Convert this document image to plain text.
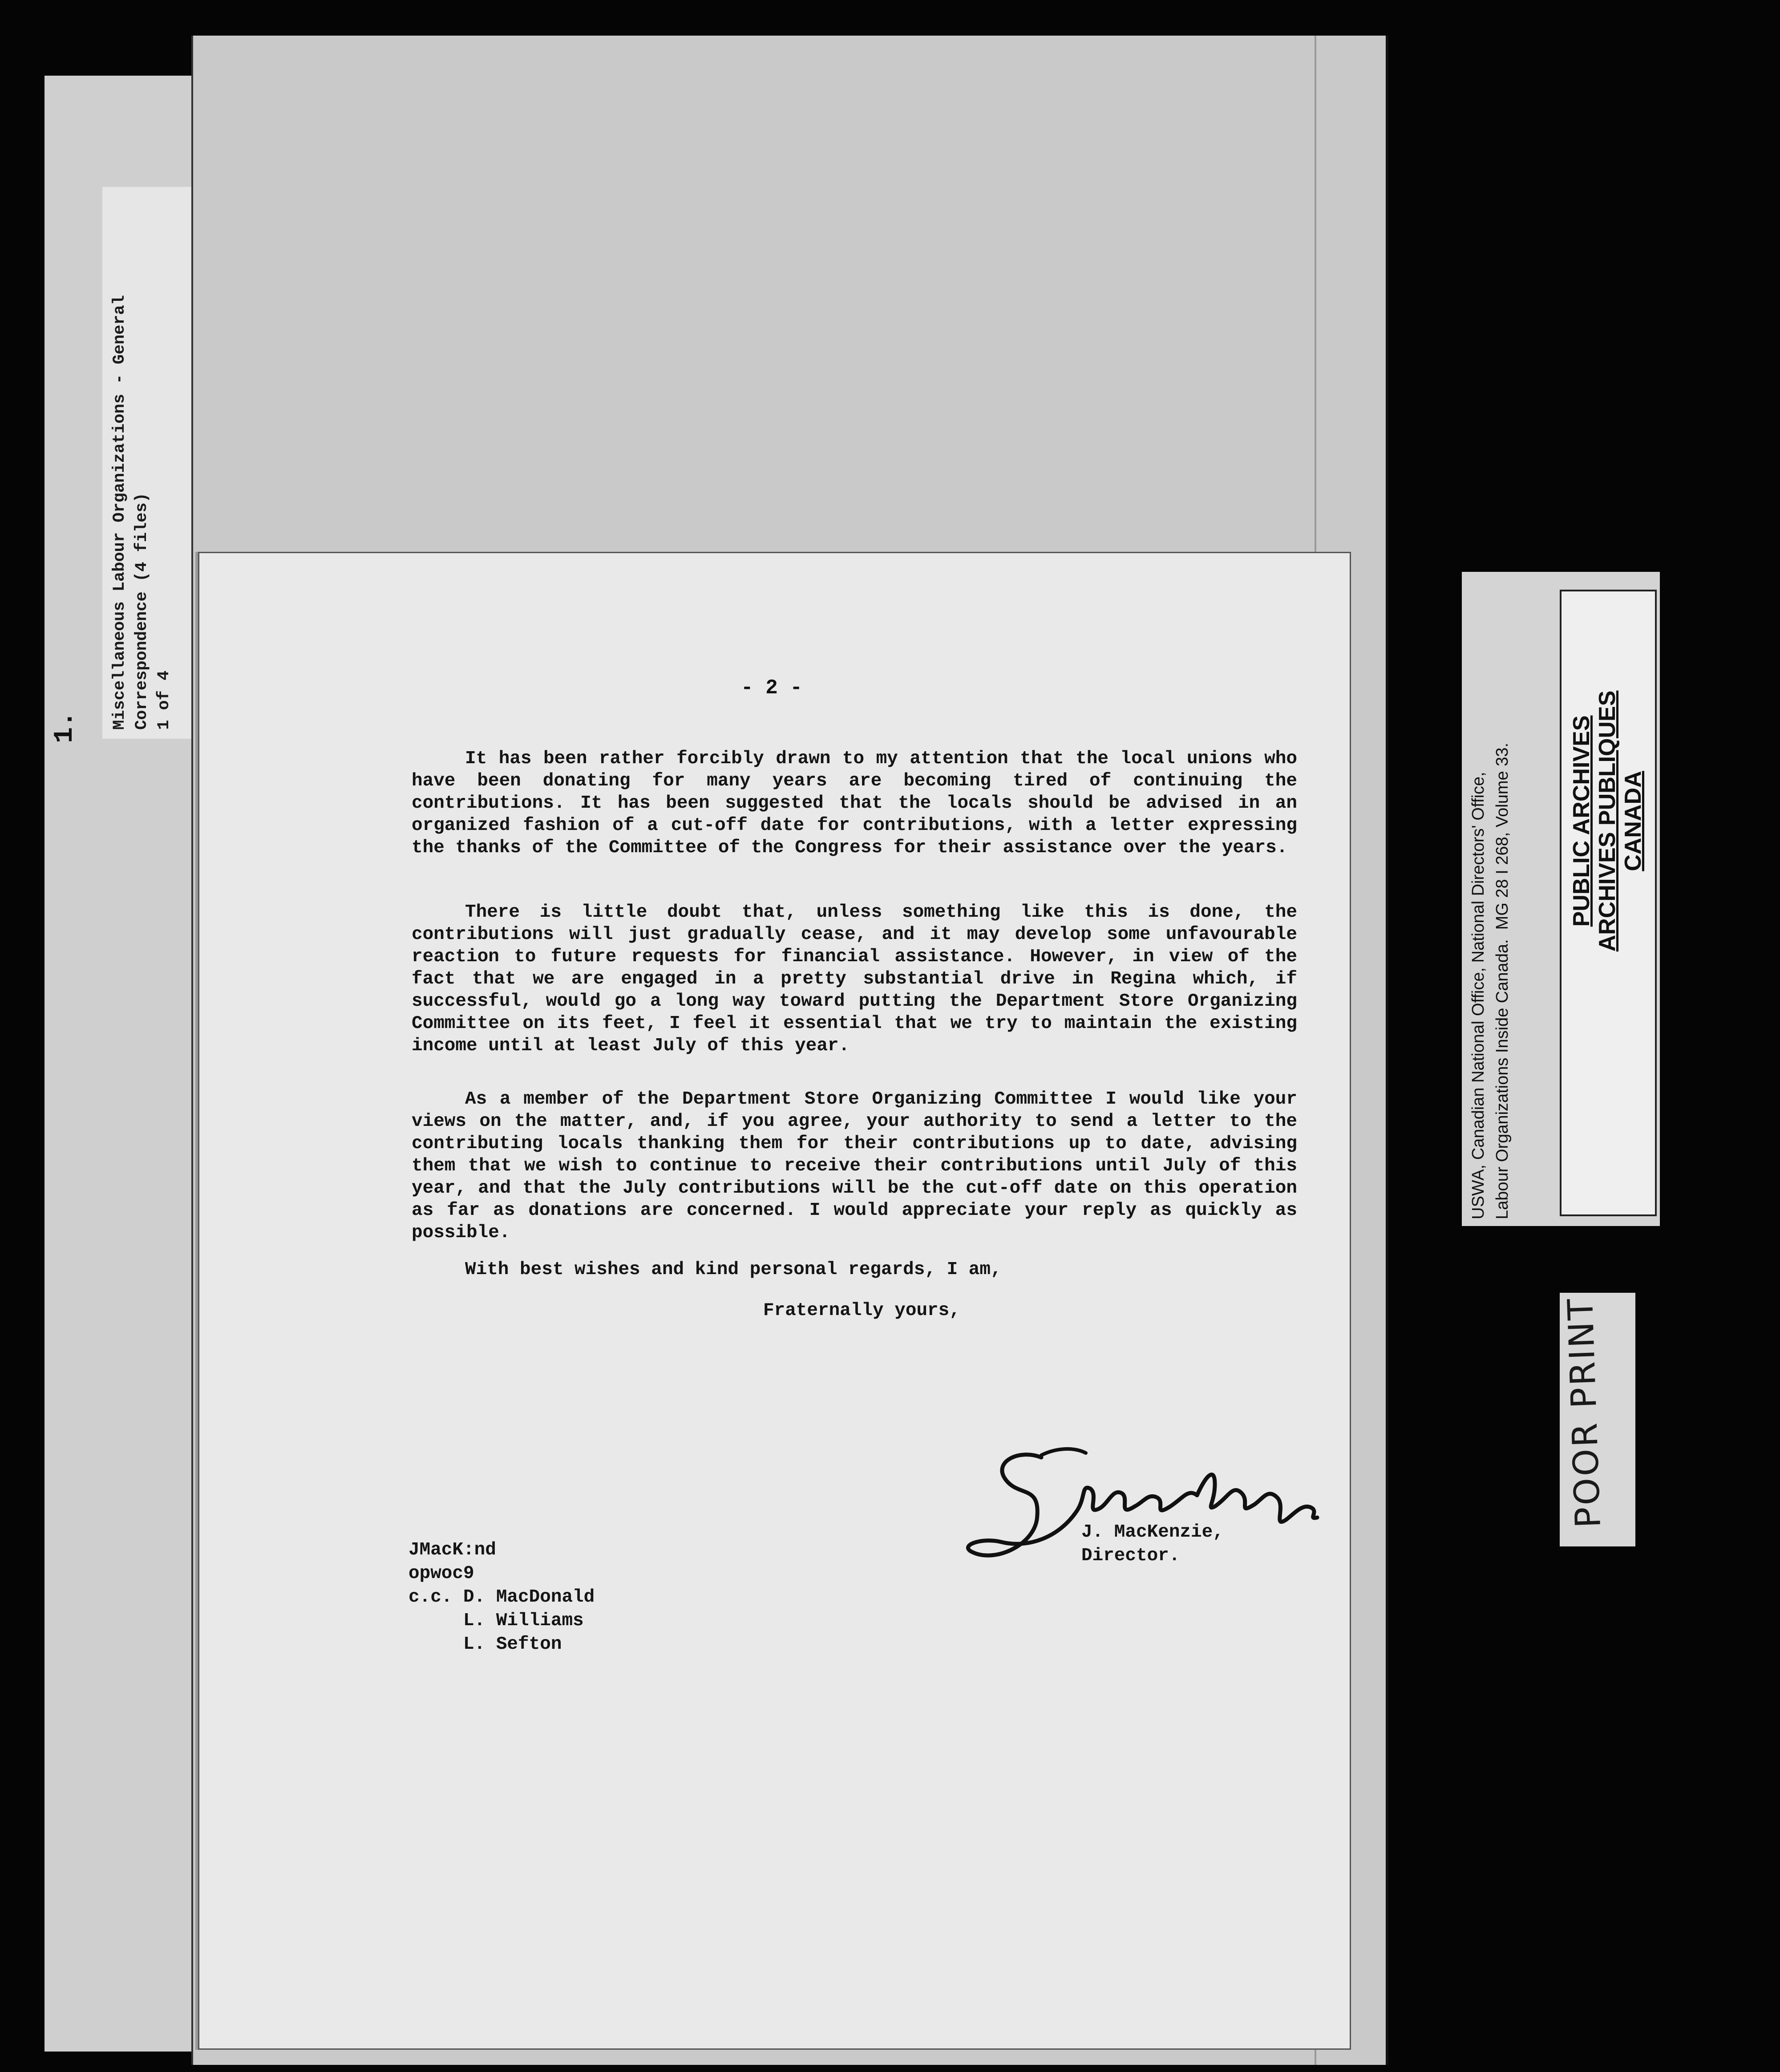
Miscellaneous Labour Organizations - General Correspondence (4 files) 1 of 4
1.
- 2 -

It has been rather forcibly drawn to my attention that the local unions who have been donating for many years are becoming tired of continuing the contributions. It has been suggested that the locals should be advised in an organized fashion of a cut-off date for contributions, with a letter expressing the thanks of the Committee of the Congress for their assistance over the years.

There is little doubt that, unless something like this is done, the contributions will just gradually cease, and it may develop some unfavourable reaction to future requests for financial assistance. However, in view of the fact that we are engaged in a pretty substantial drive in Regina which, if successful, would go a long way toward putting the Department Store Organizing Committee on its feet, I feel it essential that we try to maintain the existing income until at least July of this year.

As a member of the Department Store Organizing Committee I would like your views on the matter, and, if you agree, your authority to send a letter to the contributing locals thanking them for their contributions up to date, advising them that we wish to continue to receive their contributions until July of this year, and that the July contributions will be the cut-off date on this operation as far as donations are concerned. I would appreciate your reply as quickly as possible.

With best wishes and kind personal regards, I am,
Fraternally yours,
J. MacKenzie,
Director.
JMacK:nd
opwoc9
c.c. D. MacDonald
L. Williams
L. Sefton
USWA, Canadian National Office, National Directors' Office, Labour Organizations Inside Canada.  MG 28 I 268, Volume 33.	PUBLIC ARCHIVES ARCHIVES PUBLIQUES CANADA
POOR PRINT
